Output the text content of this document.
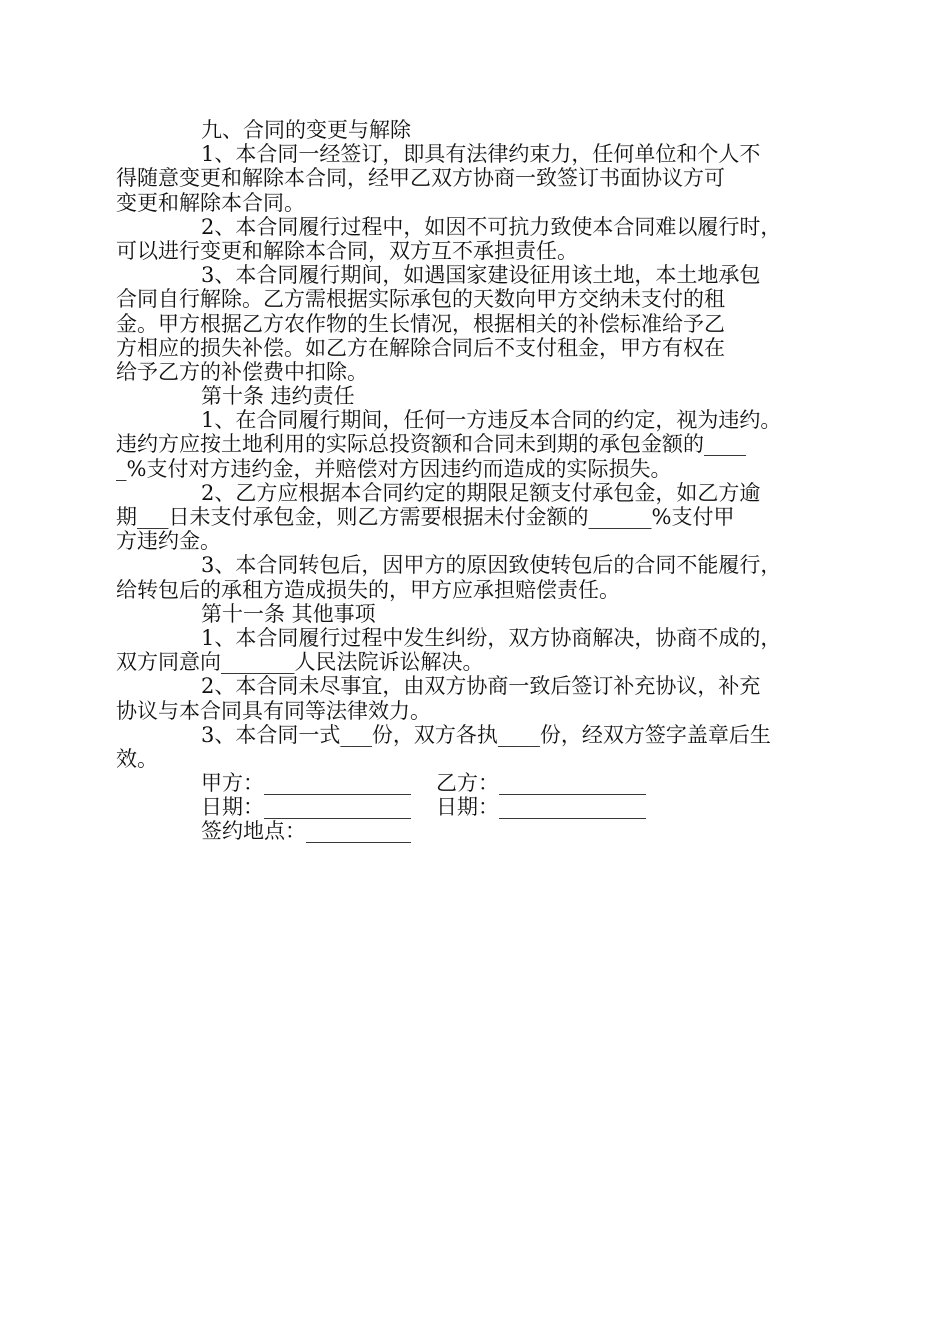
九、合同的变更与解除

1、本合同一经签订，即具有法律约束力，任何单位和个人不

得随意变更和解除本合同，经甲乙双方协商一致签订书面协议方可

变更和解除本合同。

2、本合同履行过程中，如因不可抗力致使本合同难以履行时，

可以进行变更和解除本合同，双方互不承担责任。

3、本合同履行期间，如遇国家建设征用该土地，本土地承包

合同自行解除。乙方需根据实际承包的天数向甲方交纳未支付的租

金。甲方根据乙方农作物的生长情况，根据相关的补偿标准给予乙

方相应的损失补偿。如乙方在解除合同后不支付租金，甲方有权在

给予乙方的补偿费中扣除。

第十条 违约责任

1、在合同履行期间，任何一方违反本合同的约定，视为违约。

违约方应按土地利用的实际总投资额和合同未到期的承包金额的____

_%支付对方违约金，并赔偿对方因违约而造成的实际损失。

2、乙方应根据本合同约定的期限足额支付承包金，如乙方逾

期___日未支付承包金，则乙方需要根据未付金额的______%支付甲

方违约金。

3、本合同转包后，因甲方的原因致使转包后的合同不能履行，

给转包后的承租方造成损失的，甲方应承担赔偿责任。

第十一条 其他事项

1、本合同履行过程中发生纠纷，双方协商解决，协商不成的，

双方同意向_______人民法院诉讼解决。

2、本合同未尽事宜，由双方协商一致后签订补充协议，补充

协议与本合同具有同等法律效力。

3、本合同一式___份，双方各执____份，经双方签字盖章后生

效。

甲方：______________	乙方：______________
日期：______________	日期：______________
签约地点：__________
